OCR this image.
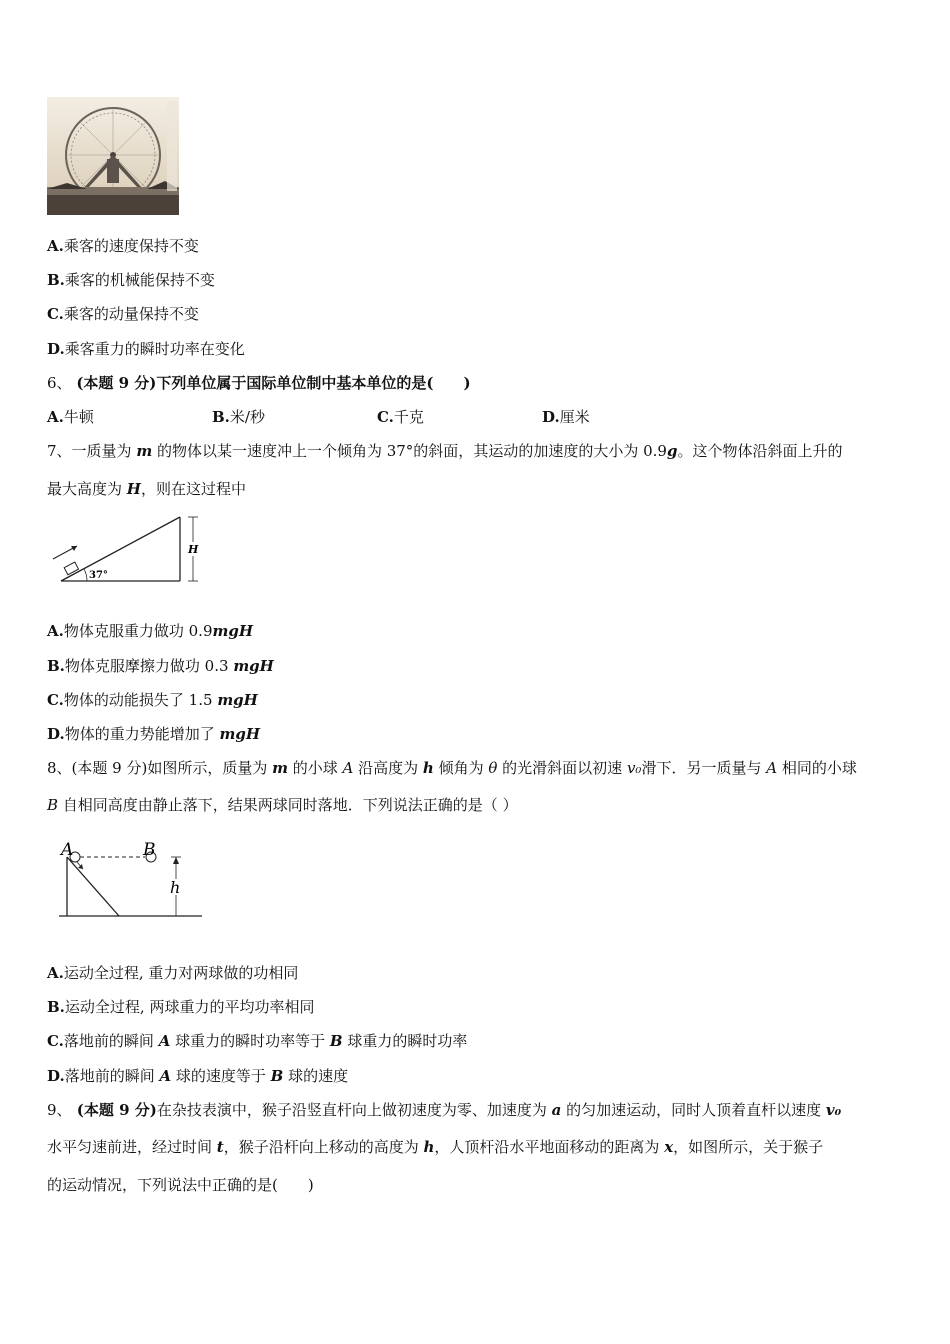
A.乘客的速度保持不变
B.乘客的机械能保持不变
C.乘客的动量保持不变
D.乘客重力的瞬时功率在变化
6、 (本题 9 分)下列单位属于国际单位制中基本单位的是(　　)
A.牛顿	B.米/秒	C.千克	D.厘米
7、一质量为 m 的物体以某一速度冲上一个倾角为 37°的斜面，其运动的加速度的大小为 0.9g。这个物体沿斜面上升的
最大高度为 H，则在这过程中
37°
H
A.物体克服重力做功 0.9mgH
B.物体克服摩擦力做功 0.3 mgH
C.物体的动能损失了 1.5 mgH
D.物体的重力势能增加了 mgH
8、(本题 9 分)如图所示，质量为 m 的小球 A 沿高度为 h 倾角为 θ 的光滑斜面以初速 v₀滑下．另一质量与 A 相同的小球
B 自相同高度由静止落下，结果两球同时落地．下列说法正确的是（ ）
A	B
h
A.运动全过程, 重力对两球做的功相同
B.运动全过程, 两球重力的平均功率相同
C.落地前的瞬间 A 球重力的瞬时功率等于 B 球重力的瞬时功率
D.落地前的瞬间 A 球的速度等于 B 球的速度
9、 (本题 9 分)在杂技表演中，猴子沿竖直杆向上做初速度为零、加速度为 a 的匀加速运动，同时人顶着直杆以速度 v₀
水平匀速前进，经过时间 t，猴子沿杆向上移动的高度为 h，人顶杆沿水平地面移动的距离为 x，如图所示，关于猴子
的运动情况，下列说法中正确的是(　　)
